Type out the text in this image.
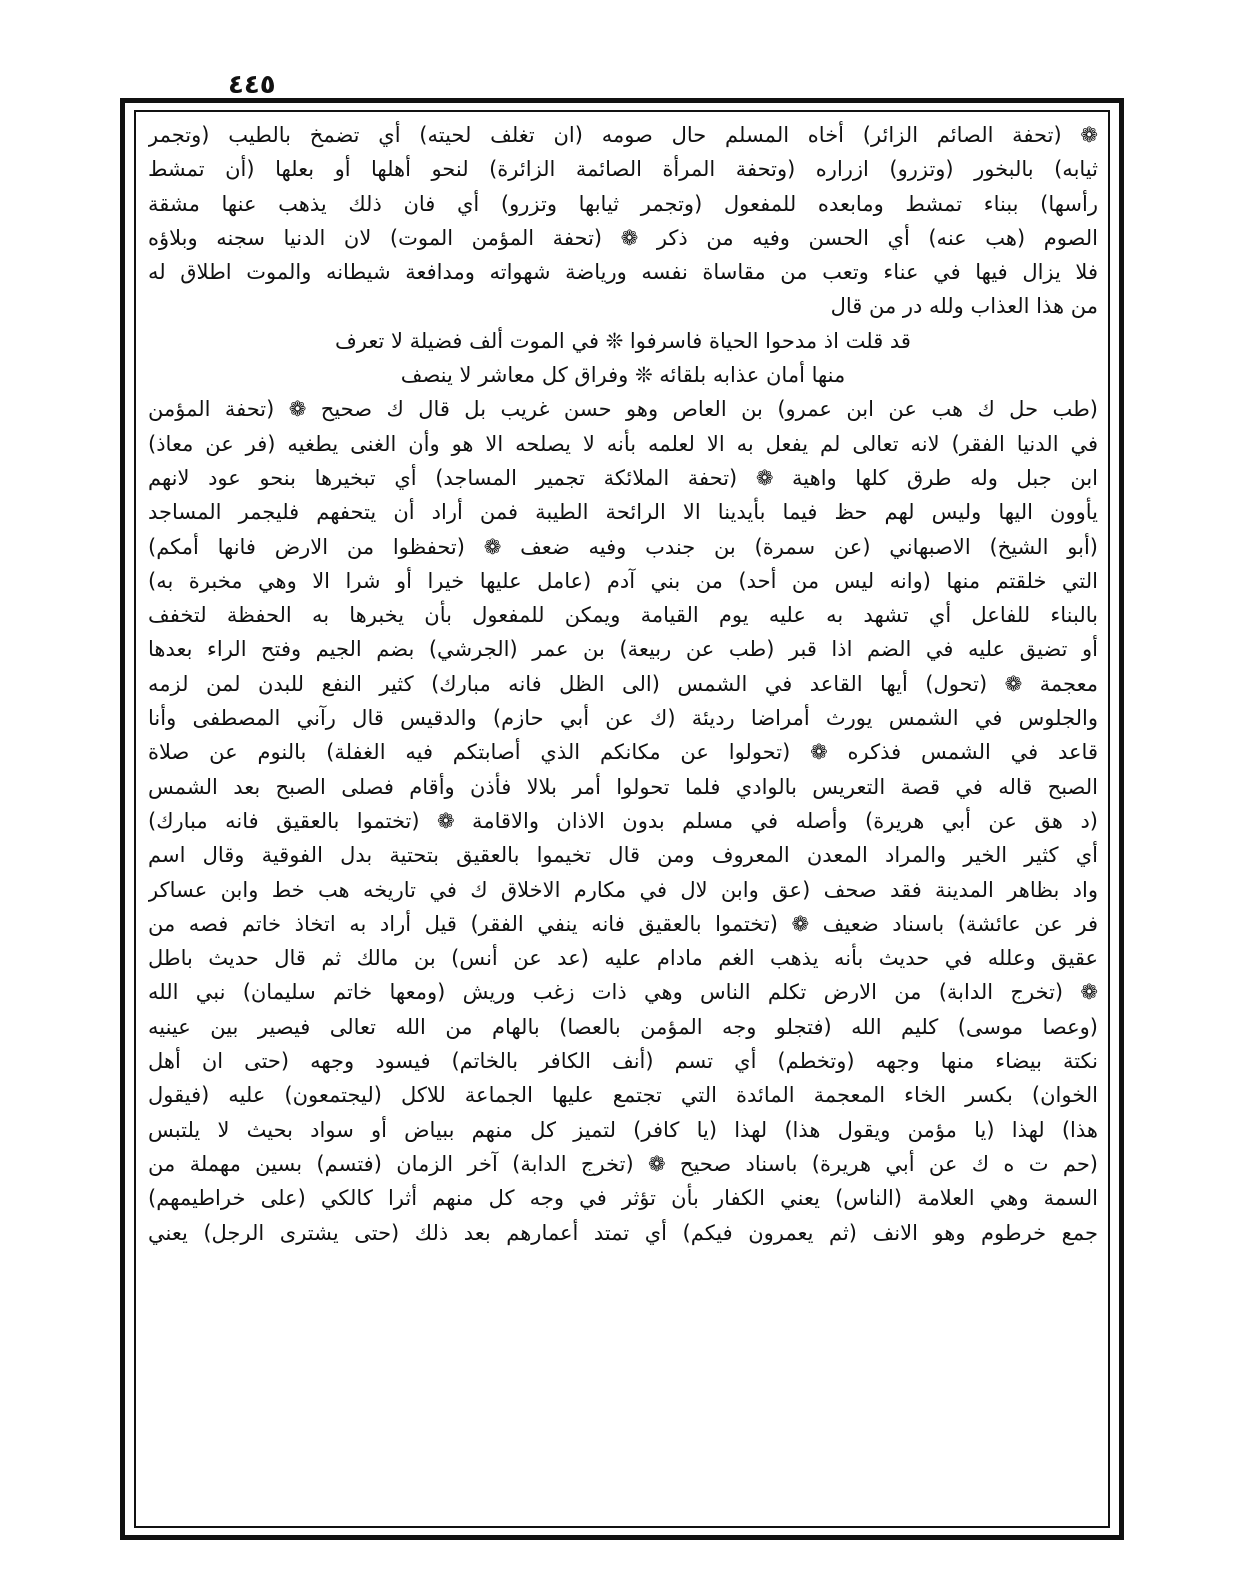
٤٤٥
❁ (تحفة الصائم الزائر) أخاه المسلم حال صومه (ان تغلف لحيته) أي تضمخ بالطيب (وتجمر
ثيابه) بالبخور (وتزرو) ازراره (وتحفة المرأة الصائمة الزائرة) لنحو أهلها أو بعلها (أن تمشط
رأسها) ببناء تمشط ومابعده للمفعول (وتجمر ثيابها وتزرو) أي فان ذلك يذهب عنها مشقة
الصوم (هب عنه) أي الحسن وفيه من ذكر ❁ (تحفة المؤمن الموت) لان الدنيا سجنه وبلاؤه
فلا يزال فيها في عناء وتعب من مقاساة نفسه ورياضة شهواته ومدافعة شيطانه والموت اطلاق له
من هذا العذاب ولله در من قال
قد قلت اذ مدحوا الحياة فاسرفوا ❊ في الموت ألف فضيلة لا تعرف
منها أمان عذابه بلقائه ❊ وفراق كل معاشر لا ينصف
(طب حل ك هب عن ابن عمرو) بن العاص وهو حسن غريب بل قال ك صحيح ❁ (تحفة المؤمن
في الدنيا الفقر) لانه تعالى لم يفعل به الا لعلمه بأنه لا يصلحه الا هو وأن الغنى يطغيه (فر عن معاذ)
ابن جبل وله طرق كلها واهية ❁ (تحفة الملائكة تجمير المساجد) أي تبخيرها بنحو عود لانهم
يأوون اليها وليس لهم حظ فيما بأيدينا الا الرائحة الطيبة فمن أراد أن يتحفهم فليجمر المساجد
(أبو الشيخ) الاصبهاني (عن سمرة) بن جندب وفيه ضعف ❁ (تحفظوا من الارض فانها أمكم)
التي خلقتم منها (وانه ليس من أحد) من بني آدم (عامل عليها خيرا أو شرا الا وهي مخبرة به)
بالبناء للفاعل أي تشهد به عليه يوم القيامة ويمكن للمفعول بأن يخبرها به الحفظة لتخفف
أو تضيق عليه في الضم اذا قبر (طب عن ربيعة) بن عمر (الجرشي) بضم الجيم وفتح الراء بعدها
معجمة ❁ (تحول) أيها القاعد في الشمس (الى الظل فانه مبارك) كثير النفع للبدن لمن لزمه
والجلوس في الشمس يورث أمراضا رديئة (ك عن أبي حازم) والدقيس قال رآني المصطفى وأنا
قاعد في الشمس فذكره ❁ (تحولوا عن مكانكم الذي أصابتكم فيه الغفلة) بالنوم عن صلاة
الصبح قاله في قصة التعريس بالوادي فلما تحولوا أمر بلالا فأذن وأقام فصلى الصبح بعد الشمس
(د هق عن أبي هريرة) وأصله في مسلم بدون الاذان والاقامة ❁ (تختموا بالعقيق فانه مبارك)
أي كثير الخير والمراد المعدن المعروف ومن قال تخيموا بالعقيق بتحتية بدل الفوقية وقال اسم
واد بظاهر المدينة فقد صحف (عق وابن لال في مكارم الاخلاق ك في تاريخه هب خط وابن عساكر
فر عن عائشة) باسناد ضعيف ❁ (تختموا بالعقيق فانه ينفي الفقر) قيل أراد به اتخاذ خاتم فصه من
عقيق وعلله في حديث بأنه يذهب الغم مادام عليه (عد عن أنس) بن مالك ثم قال حديث باطل
❁ (تخرج الدابة) من الارض تكلم الناس وهي ذات زغب وريش (ومعها خاتم سليمان) نبي الله
(وعصا موسى) كليم الله (فتجلو وجه المؤمن بالعصا) بالهام من الله تعالى فيصير بين عينيه
نكتة بيضاء منها وجهه (وتخطم) أي تسم (أنف الكافر بالخاتم) فيسود وجهه (حتى ان أهل
الخوان) بكسر الخاء المعجمة المائدة التي تجتمع عليها الجماعة للاكل (ليجتمعون) عليه (فيقول
هذا) لهذا (يا مؤمن ويقول هذا) لهذا (يا كافر) لتميز كل منهم ببياض أو سواد بحيث لا يلتبس
(حم ت ه ك عن أبي هريرة) باسناد صحيح ❁ (تخرج الدابة) آخر الزمان (فتسم) بسين مهملة من
السمة وهي العلامة (الناس) يعني الكفار بأن تؤثر في وجه كل منهم أثرا كالكي (على خراطيمهم)
جمع خرطوم وهو الانف (ثم يعمرون فيكم) أي تمتد أعمارهم بعد ذلك (حتى يشترى الرجل) يعني
